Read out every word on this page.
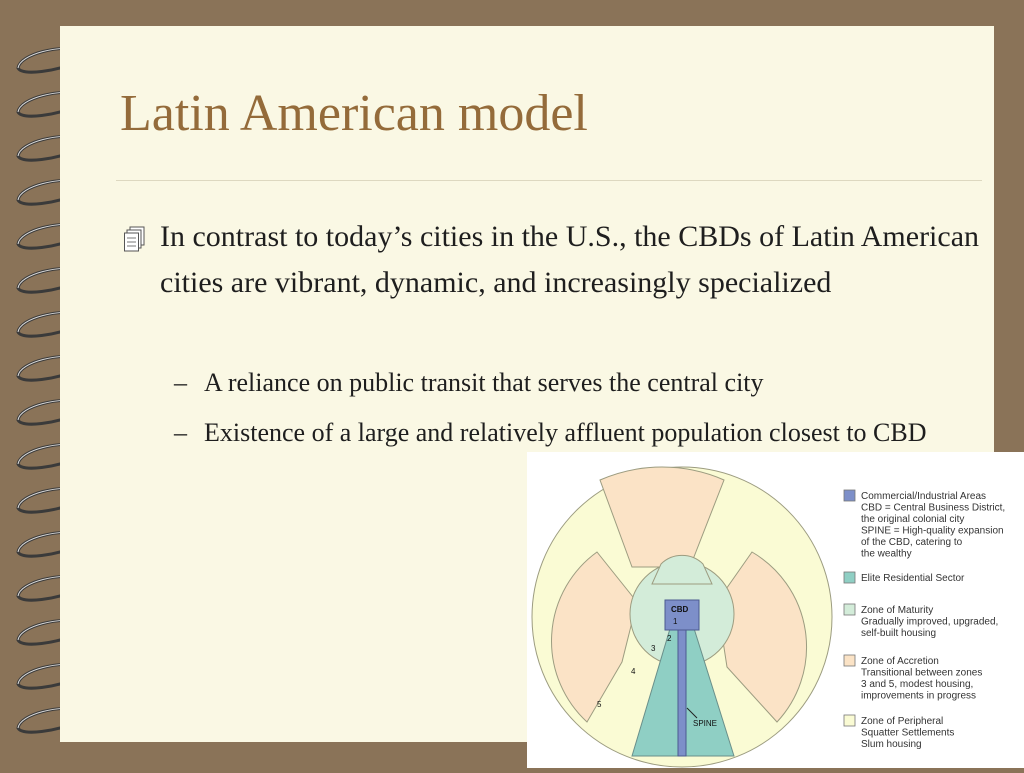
Latin American model
In contrast to today’s cities in the U.S., the CBDs of Latin American cities are vibrant, dynamic, and increasingly specialized
– A reliance on public transit that serves the central city
– Existence of a large and relatively affluent population closest to CBD
CBD
1
2
3
4
5
SPINE
Commercial/Industrial Areas
CBD = Central Business District,
the original colonial city
SPINE = High-quality expansion
of the CBD, catering to
the wealthy
Elite Residential Sector
Zone of Maturity
Gradually improved, upgraded,
self-built housing
Zone of Accretion
Transitional between zones
3 and 5, modest housing,
improvements in progress
Zone of Peripheral
Squatter Settlements
Slum housing
